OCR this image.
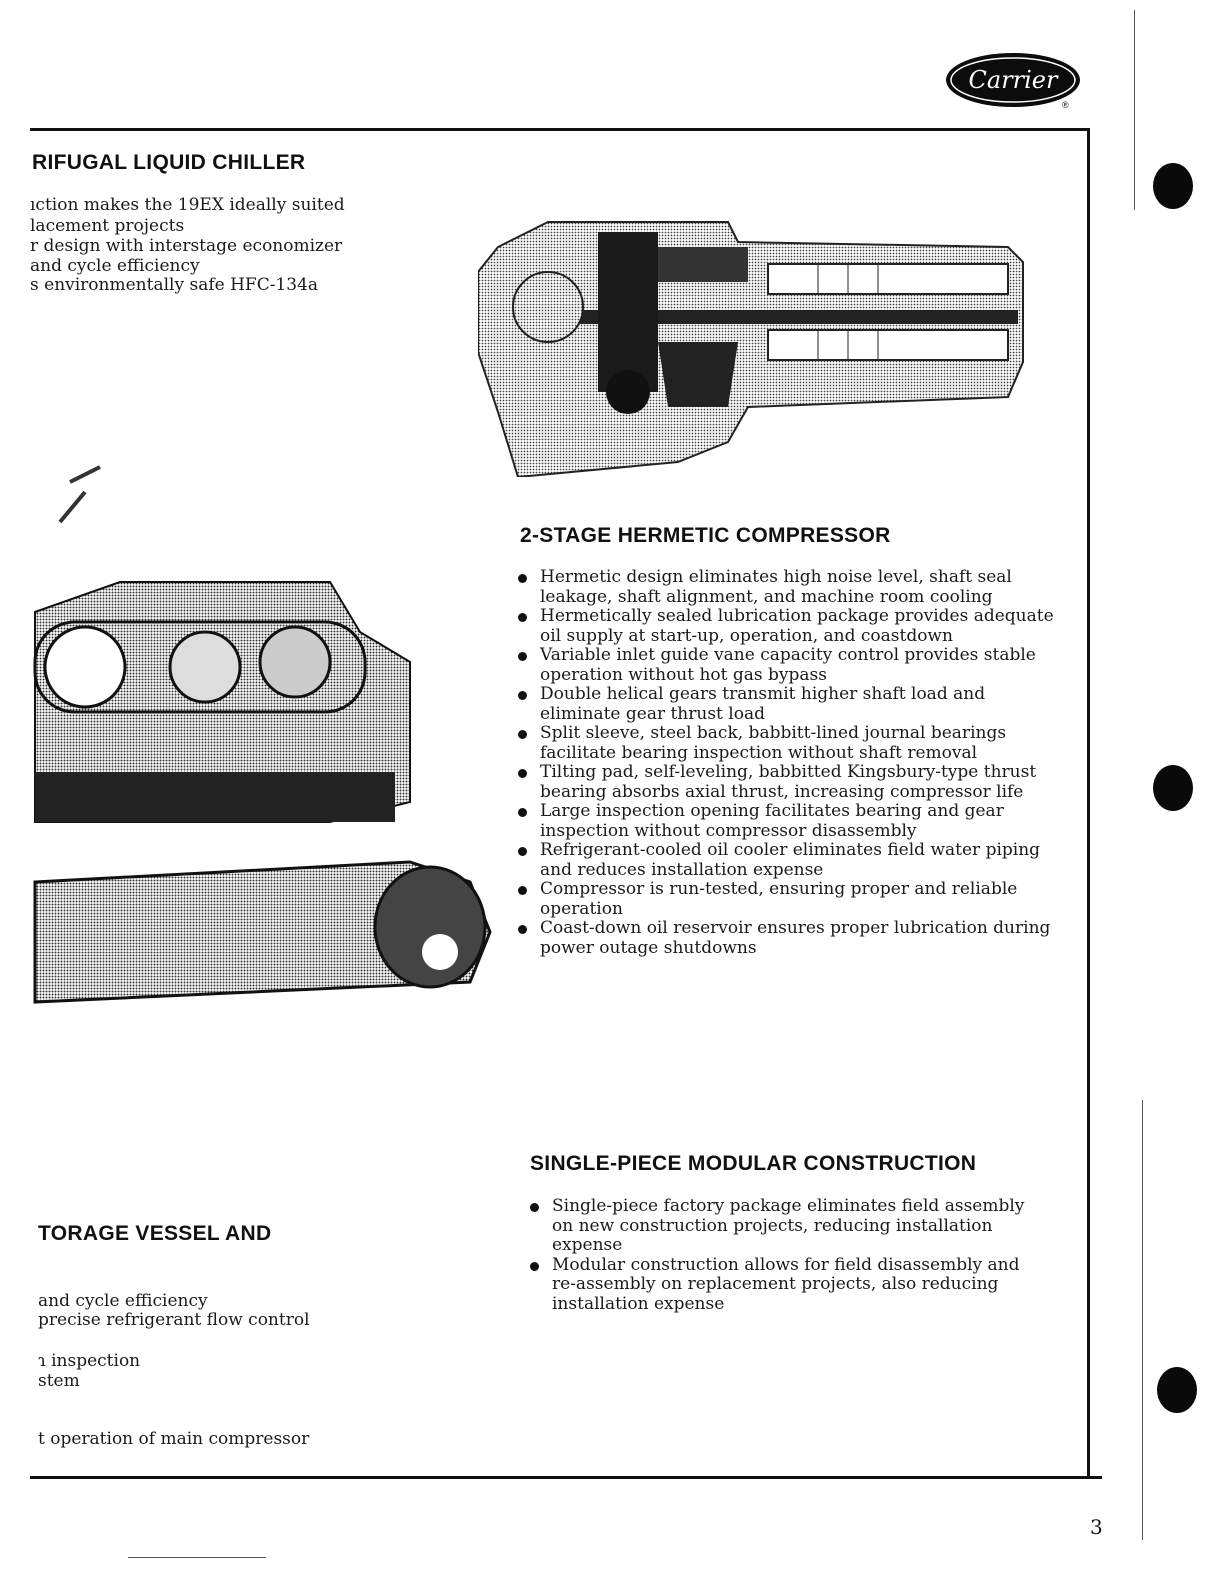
Carrier
®
RIFUGAL LIQUID CHILLER
ıction makes the 19EX ideally suited
lacement projects
r design with interstage economizer
and cycle efficiency
s environmentally safe HFC-134a
2-STAGE HERMETIC COMPRESSOR
Hermetic design eliminates high noise level, shaft seal leakage, shaft alignment, and machine room cooling
Hermetically sealed lubrication package provides adequate oil supply at start-up, operation, and coastdown
Variable inlet guide vane capacity control provides stable operation without hot gas bypass
Double helical gears transmit higher shaft load and eliminate gear thrust load
Split sleeve, steel back, babbitt-lined journal bearings facilitate bearing inspection without shaft removal
Tilting pad, self-leveling, babbitted Kingsbury-type thrust bearing absorbs axial thrust, increasing compressor life
Large inspection opening facilitates bearing and gear inspection without compressor disassembly
Refrigerant-cooled oil cooler eliminates field water piping and reduces installation expense
Compressor is run-tested, ensuring proper and reliable operation
Coast-down oil reservoir ensures proper lubrication during power outage shutdowns
SINGLE-PIECE MODULAR CONSTRUCTION
Single-piece factory package eliminates field assembly on new construction projects, reducing installation expense
Modular construction allows for field disassembly and re-assembly on replacement projects, also reducing installation expense
TORAGE VESSEL AND
and cycle efficiency
precise refrigerant flow control
ɿ inspection
stem
t operation of main compressor
3
